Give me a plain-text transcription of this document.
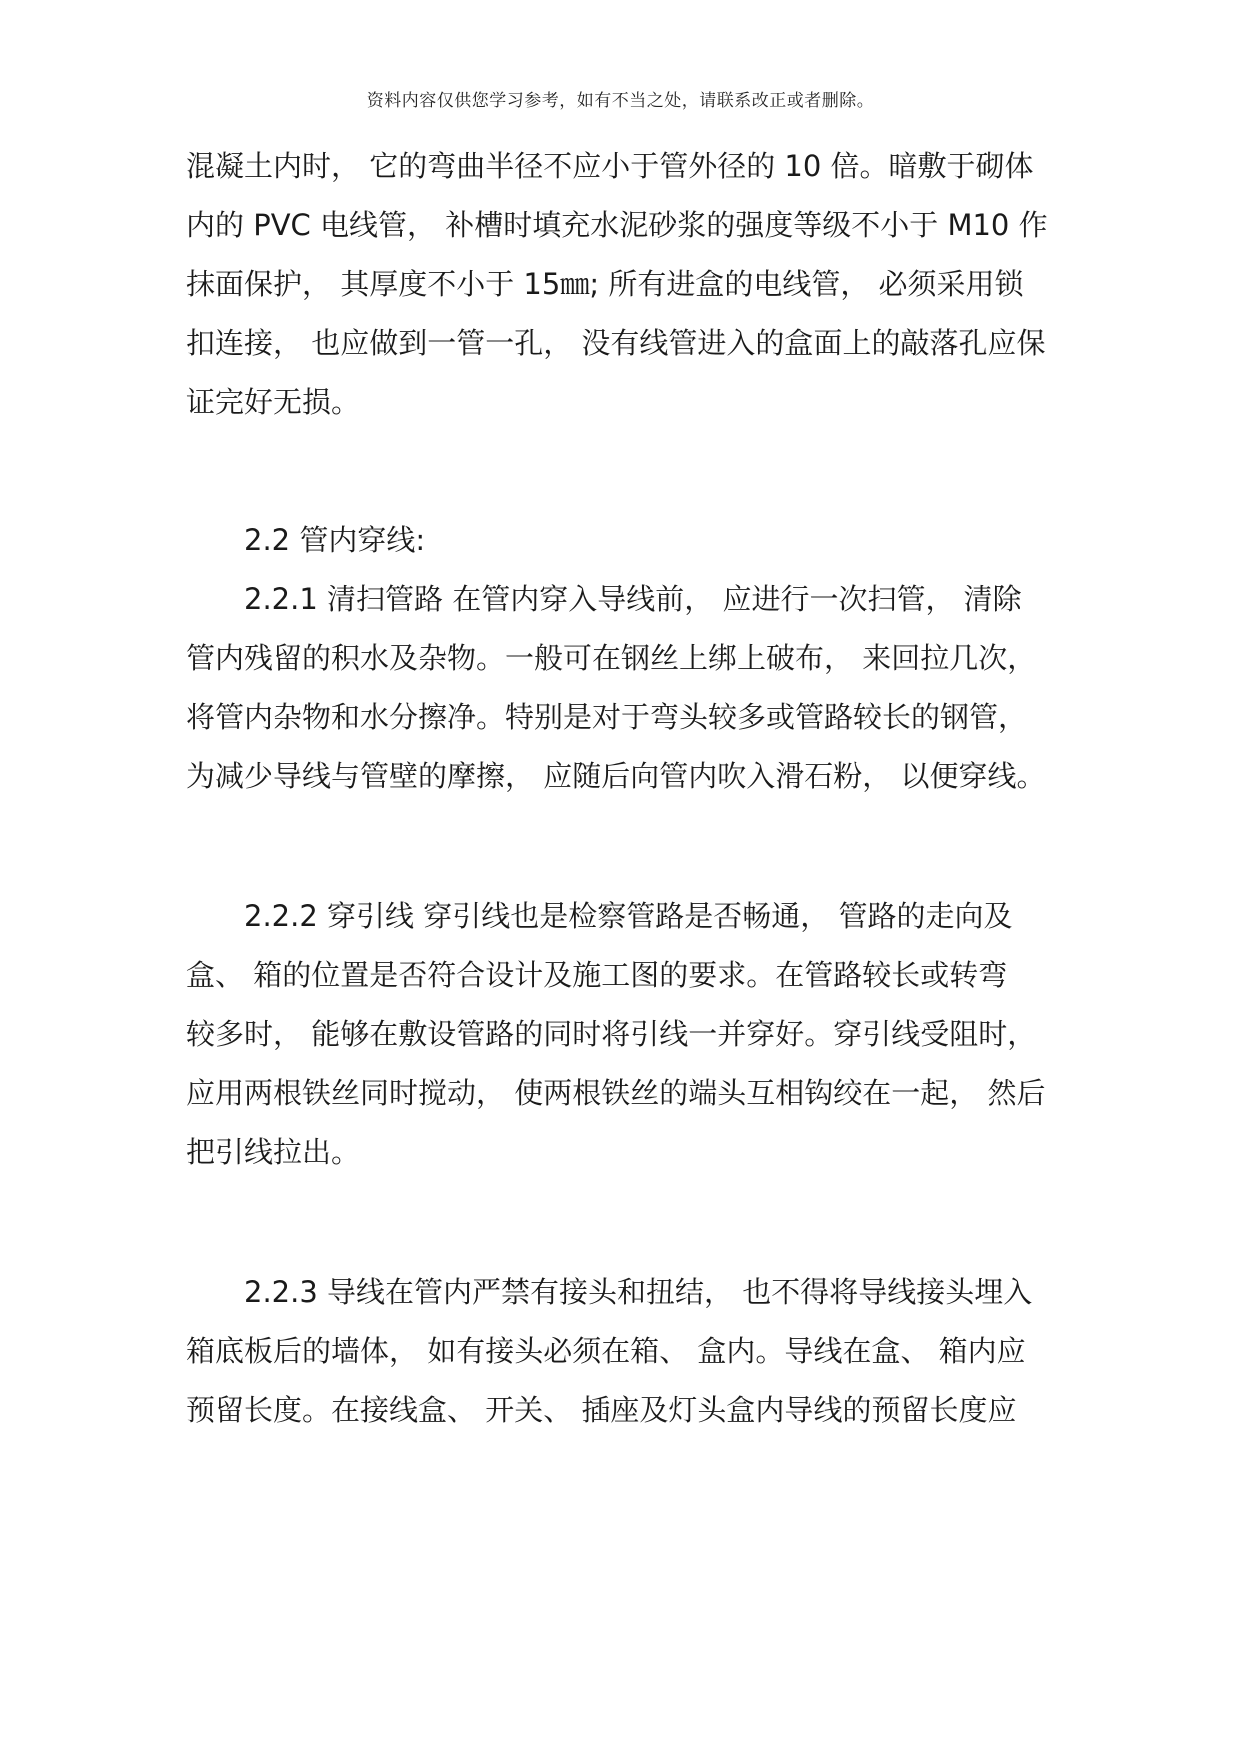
资料内容仅供您学习参考，如有不当之处，请联系改正或者删除。
混凝土内时， 它的弯曲半径不应小于管外径的 10 倍。暗敷于砌体
内的 PVC 电线管， 补槽时填充水泥砂浆的强度等级不小于 M10 作
抹面保护， 其厚度不小于 15㎜; 所有进盒的电线管， 必须采用锁
扣连接， 也应做到一管一孔， 没有线管进入的盒面上的敲落孔应保
证完好无损。
2.2 管内穿线:
2.2.1 清扫管路 在管内穿入导线前， 应进行一次扫管， 清除
管内残留的积水及杂物。一般可在钢丝上绑上破布， 来回拉几次，
将管内杂物和水分擦净。特别是对于弯头较多或管路较长的钢管，
为减少导线与管壁的摩擦， 应随后向管内吹入滑石粉， 以便穿线。
2.2.2 穿引线 穿引线也是检察管路是否畅通， 管路的走向及
盒、 箱的位置是否符合设计及施工图的要求。在管路较长或转弯
较多时， 能够在敷设管路的同时将引线一并穿好。穿引线受阻时，
应用两根铁丝同时搅动， 使两根铁丝的端头互相钩绞在一起， 然后
把引线拉出。
2.2.3 导线在管内严禁有接头和扭结， 也不得将导线接头埋入
箱底板后的墙体， 如有接头必须在箱、 盒内。导线在盒、 箱内应
预留长度。在接线盒、 开关、 插座及灯头盒内导线的预留长度应
